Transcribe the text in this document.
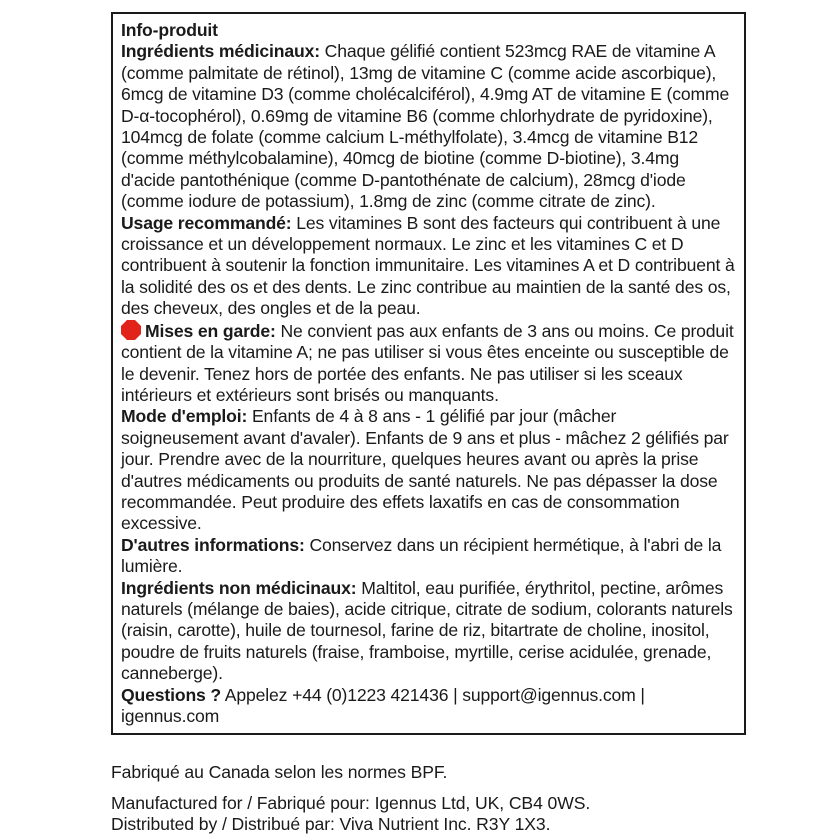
Info-produit

Ingrédients médicinaux: Chaque gélifié contient 523mcg RAE de vitamine A (comme palmitate de rétinol), 13mg de vitamine C (comme acide ascorbique), 6mcg de vitamine D3 (comme cholécalciférol), 4.9mg AT de vitamine E (comme D-α-tocophérol), 0.69mg de vitamine B6 (comme chlorhydrate de pyridoxine), 104mcg de folate (comme calcium L-méthylfolate), 3.4mcg de vitamine B12 (comme méthylcobalamine), 40mcg de biotine (comme D-biotine), 3.4mg d'acide pantothénique (comme D-pantothénate de calcium), 28mcg d'iode (comme iodure de potassium), 1.8mg de zinc (comme citrate de zinc).

Usage recommandé: Les vitamines B sont des facteurs qui contribuent à une croissance et un développement normaux. Le zinc et les vitamines C et D contribuent à soutenir la fonction immunitaire. Les vitamines A et D contribuent à la solidité des os et des dents. Le zinc contribue au maintien de la santé des os, des cheveux, des ongles et de la peau.

Mises en garde: Ne convient pas aux enfants de 3 ans ou moins. Ce produit contient de la vitamine A; ne pas utiliser si vous êtes enceinte ou susceptible de le devenir. Tenez hors de portée des enfants. Ne pas utiliser si les sceaux intérieurs et extérieurs sont brisés ou manquants.

Mode d'emploi: Enfants de 4 à 8 ans - 1 gélifié par jour (mâcher soigneusement avant d'avaler). Enfants de 9 ans et plus - mâchez 2 gélifiés par jour. Prendre avec de la nourriture, quelques heures avant ou après la prise d'autres médicaments ou produits de santé naturels. Ne pas dépasser la dose recommandée. Peut produire des effets laxatifs en cas de consommation excessive.

D'autres informations: Conservez dans un récipient hermétique, à l'abri de la lumière.

Ingrédients non médicinaux: Maltitol, eau purifiée, érythritol, pectine, arômes naturels (mélange de baies), acide citrique, citrate de sodium, colorants naturels (raisin, carotte), huile de tournesol, farine de riz, bitartrate de choline, inositol, poudre de fruits naturels (fraise, framboise, myrtille, cerise acidulée, grenade, canneberge).

Questions ? Appelez +44 (0)1223 421436 | support@igennus.com | igennus.com

Fabriqué au Canada selon les normes BPF.
Manufactured for / Fabriqué pour: Igennus Ltd, UK, CB4 0WS.
Distributed by / Distribué par: Viva Nutrient Inc. R3Y 1X3.
